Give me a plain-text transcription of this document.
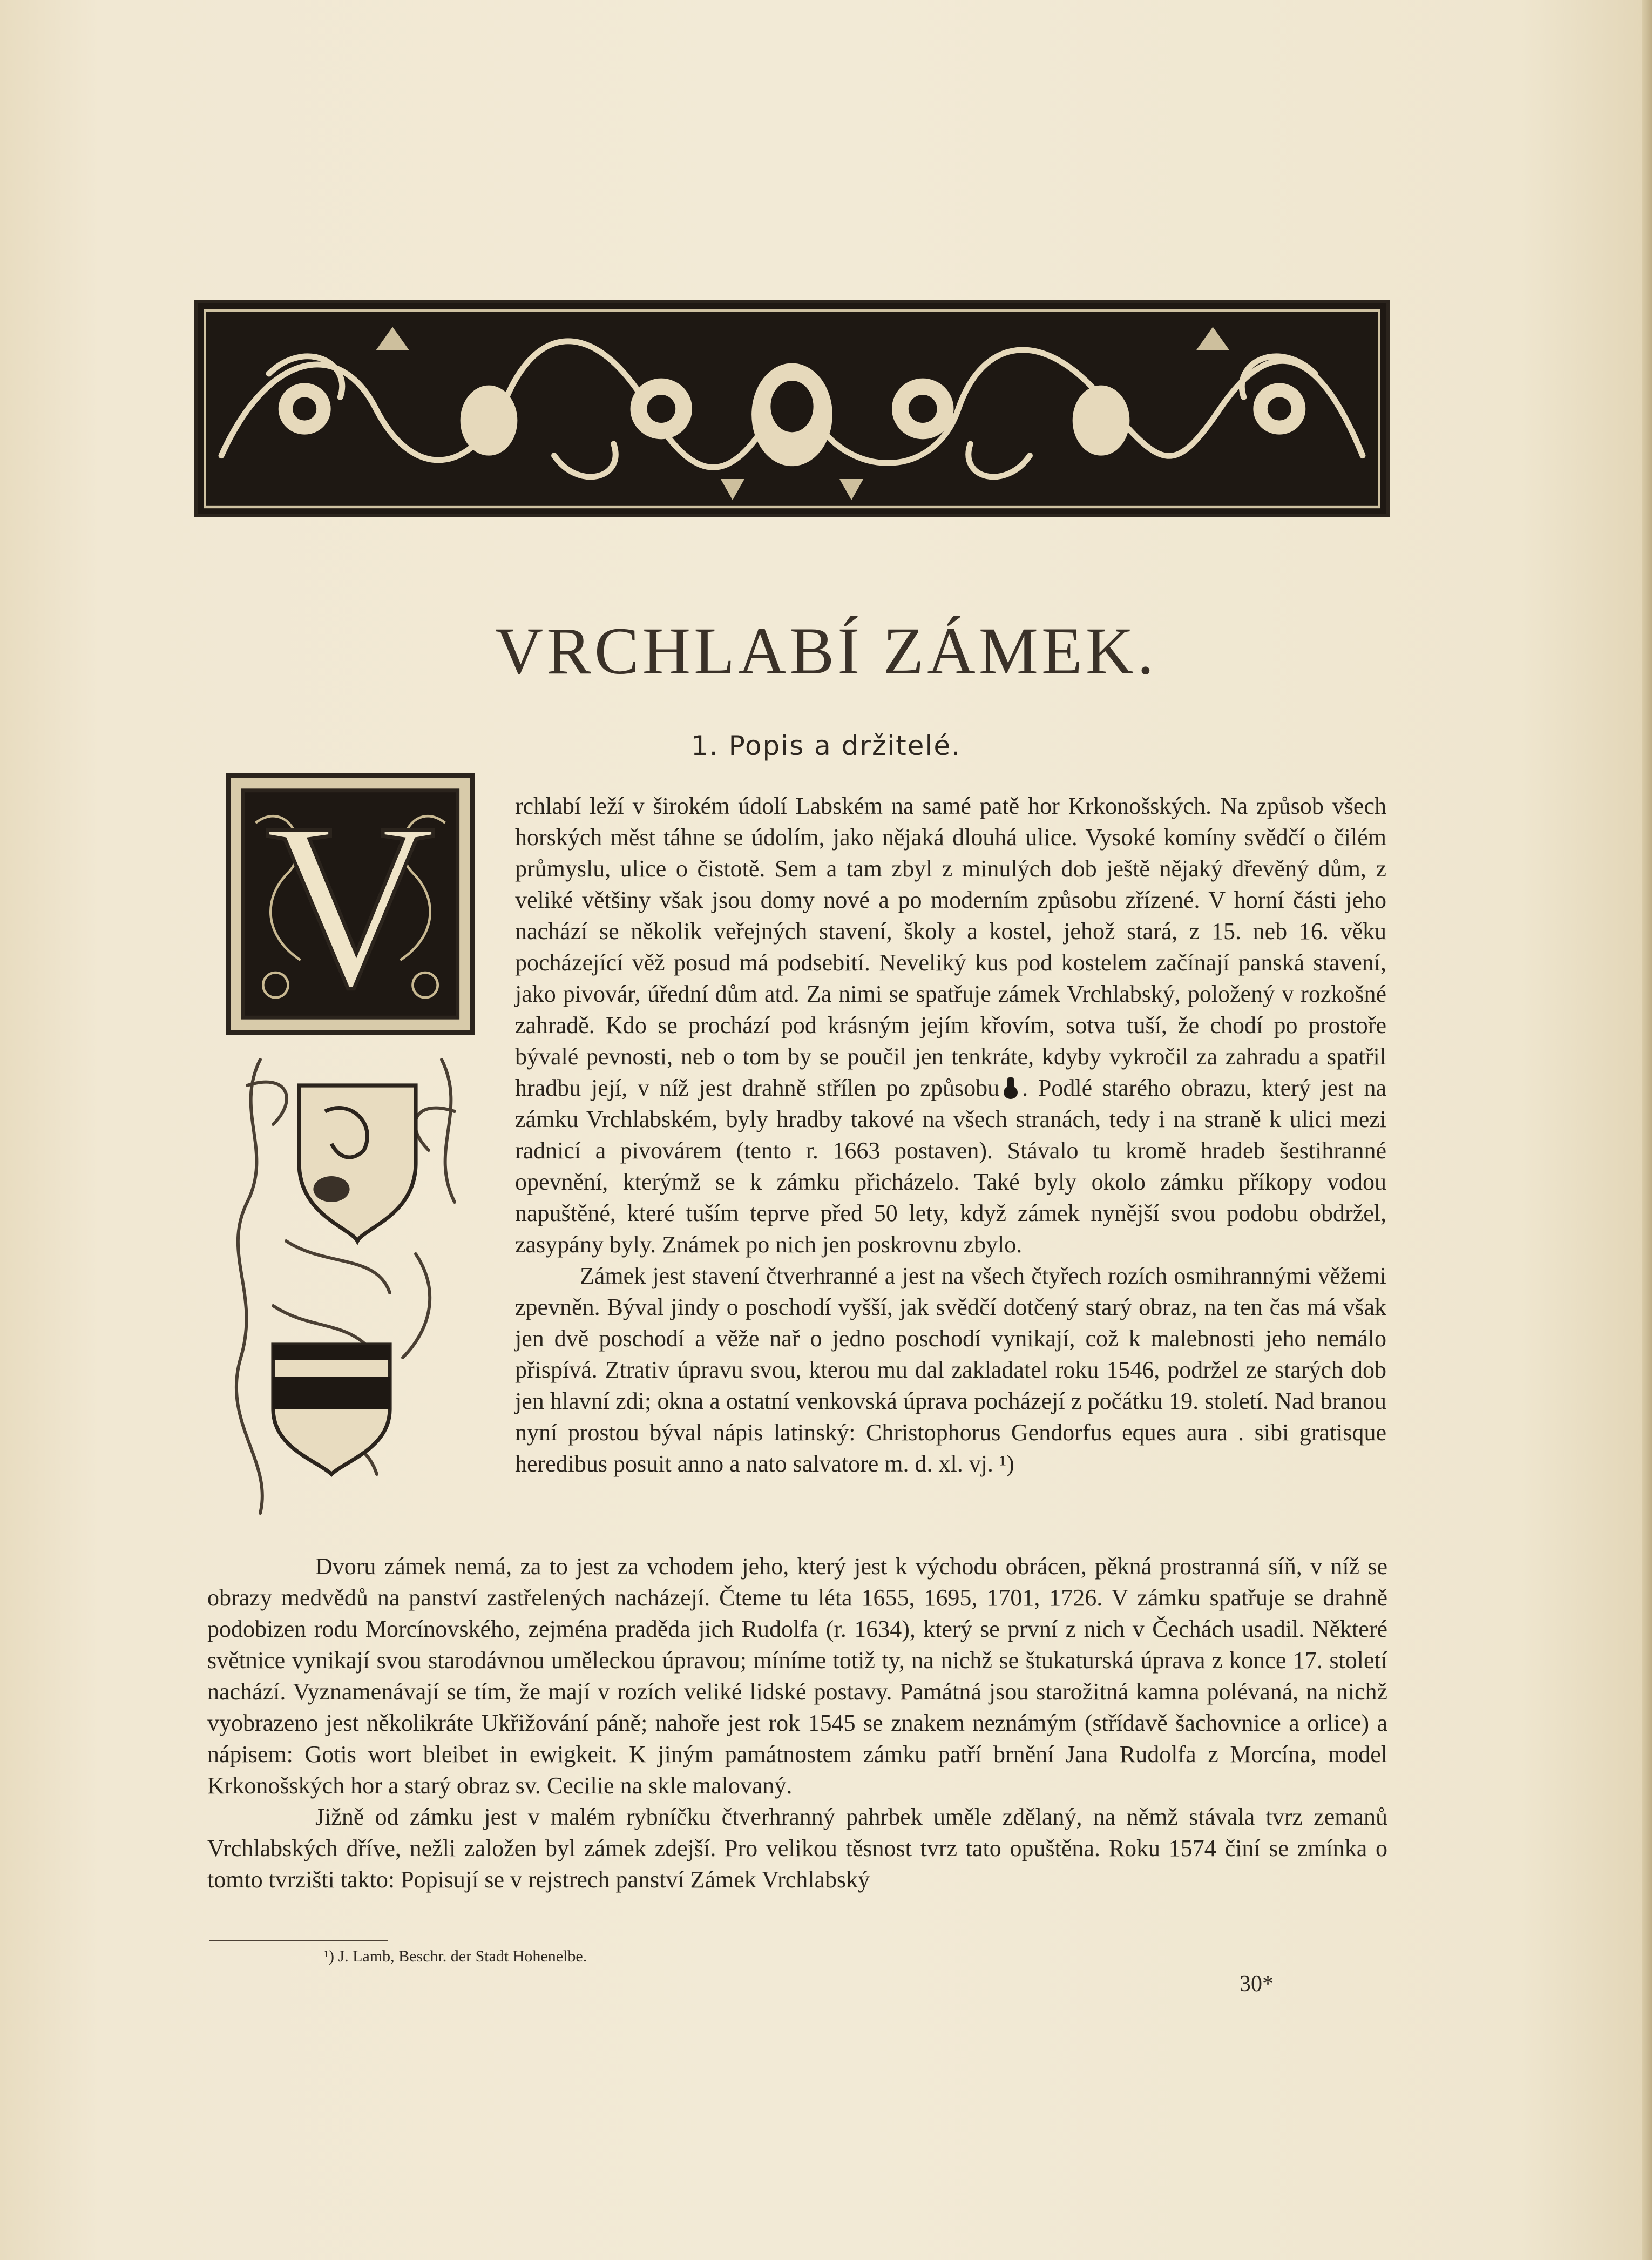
VRCHLABÍ ZÁMEK.
1. Popis a držitelé.
V	rchlabí leží v širokém údolí Labském na samé patě hor Krkonošských. Na způsob všech horských měst táhne se údolím, jako nějaká dlouhá ulice. Vysoké komíny svědčí o čilém průmyslu, ulice o čistotě. Sem a tam zbyl z minulých dob ještě nějaký dřevěný dům, z veliké většiny však jsou domy nové a po moderním způsobu zřízené. V horní části jeho nachází se několik veřejných stavení, školy a kostel, jehož stará, z 15. neb 16. věku pocházející věž posud má podsebití. Neveliký kus pod kostelem začínají panská stavení, jako pivovár, úřední dům atd. Za nimi se spatřuje zámek Vrchlabský, položený v rozkošné zahradě. Kdo se prochází pod krásným jejím křovím, sotva tuší, že chodí po prostoře bývalé pevnosti, neb o tom by se poučil jen tenkráte, kdyby vykročil za zahradu a spatřil hradbu její, v níž jest drahně střílen po způsobu . Podlé starého obrazu, který jest na zámku Vrchlabském, byly hradby takové na všech stranách, tedy i na straně k ulici mezi radnicí a pivovárem (tento r. 1663 postaven). Stávalo tu kromě hradeb šestihranné opevnění, kterýmž se k zámku přicházelo. Také byly okolo zámku příkopy vodou napuštěné, které tuším teprve před 50 lety, když zámek nynější svou podobu obdržel, zasypány byly. Známek po nich jen poskrovnu zbylo.

Zámek jest stavení čtverhranné a jest na všech čtyřech rozích osmihrannými věžemi zpevněn. Býval jindy o poschodí vyšší, jak svědčí dotčený starý obraz, na ten čas má však jen dvě poschodí a věže nař o jedno poschodí vynikají, což k malebnosti jeho nemálo přispívá. Ztrativ úpravu svou, kterou mu dal zakladatel roku 1546, podržel ze starých dob jen hlavní zdi; okna a ostatní venkovská úprava pocházejí z počátku 19. století. Nad branou nyní prostou býval nápis latinský: Christophorus Gendorfus eques aura . sibi gratisque heredibus posuit anno a nato salvatore m. d. xl. vj. ¹)

Dvoru zámek nemá, za to jest za vchodem jeho, který jest k východu obrácen, pěkná prostranná síň, v níž se obrazy medvědů na panství zastřelených nacházejí. Čteme tu léta 1655, 1695, 1701, 1726. V zámku spatřuje se drahně podobizen rodu Morcínovského, zejména praděda jich Rudolfa (r. 1634), který se první z nich v Čechách usadil. Některé světnice vynikají svou starodávnou uměleckou úpravou; míníme totiž ty, na nichž se štukaturská úprava z konce 17. století nachází. Vyznamenávají se tím, že mají v rozích veliké lidské postavy. Památná jsou starožitná kamna polévaná, na nichž vyobrazeno jest několikráte Ukřižování páně; nahoře jest rok 1545 se znakem neznámým (střídavě šachovnice a orlice) a nápisem: Gotis wort bleibet in ewigkeit. K jiným památnostem zámku patří brnění Jana Rudolfa z Morcína, model Krkonošských hor a starý obraz sv. Cecilie na skle malovaný.

Jižně od zámku jest v malém rybníčku čtverhranný pahrbek uměle zdělaný, na němž stávala tvrz zemanů Vrchlabských dříve, nežli založen byl zámek zdejší. Pro velikou těsnost tvrz tato opuštěna. Roku 1574 činí se zmínka o tomto tvrzišti takto: Popisují se v rejstrech panství Zámek Vrchlabský

¹) J. Lamb, Beschr. der Stadt Hohenelbe.
30*
